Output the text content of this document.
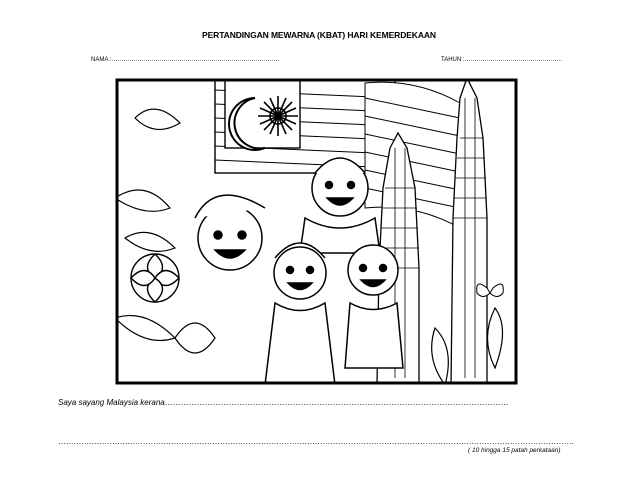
PERTANDINGAN MEWARNA (KBAT) HARI KEMERDEKAAN
NAMA :…………………………………………………………………………	TAHUN :………………………………………….
Saya sayang Malaysia kerana…………………………………………………………………………………………………………………
…………………………………………………………………………………………………………………………………………………………………………………
( 10 hingga 15 patah perkataan)
